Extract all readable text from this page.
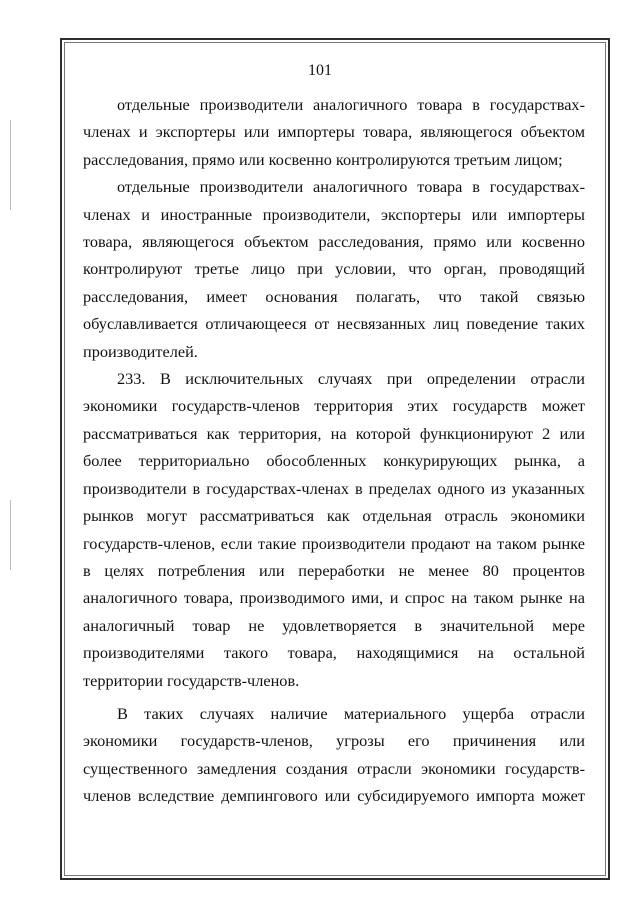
101

отдельные производители аналогичного товара в государствах-членах и экспортеры или импортеры товара, являющегося объектом расследования, прямо или косвенно контролируются третьим лицом;

отдельные производители аналогичного товара в государствах-членах и иностранные производители, экспортеры или импортеры товара, являющегося объектом расследования, прямо или косвенно контролируют третье лицо при условии, что орган, проводящий расследования, имеет основания полагать, что такой связью обуславливается отличающееся от несвязанных лиц поведение таких производителей.

233. В исключительных случаях при определении отрасли экономики государств-членов территория этих государств может рассматриваться как территория, на которой функционируют 2 или более территориально обособленных конкурирующих рынка, а производители в государствах-членах в пределах одного из указанных рынков могут рассматриваться как отдельная отрасль экономики государств-членов, если такие производители продают на таком рынке в целях потребления или переработки не менее 80 процентов аналогичного товара, производимого ими, и спрос на таком рынке на аналогичный товар не удовлетворяется в значительной мере производителями такого товара, находящимися на остальной территории государств-членов.

В таких случаях наличие материального ущерба отрасли экономики государств-членов, угрозы его причинения или существенного замедления создания отрасли экономики государств-членов вследствие демпингового или субсидируемого импорта может
